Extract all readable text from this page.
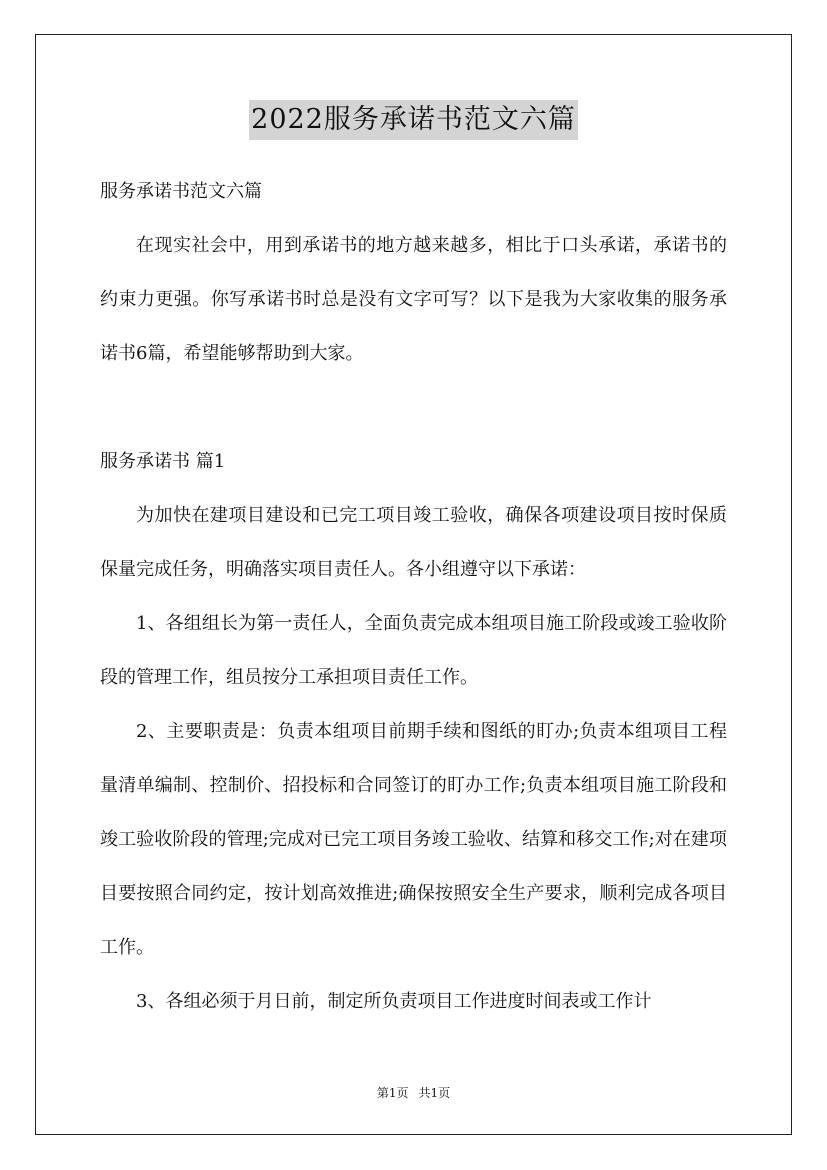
2022服务承诺书范文六篇

服务承诺书范文六篇

在现实社会中，用到承诺书的地方越来越多，相比于口头承诺，承诺书的约束力更强。你写承诺书时总是没有文字可写？以下是我为大家收集的服务承诺书6篇，希望能够帮助到大家。

服务承诺书 篇1

为加快在建项目建设和已完工项目竣工验收，确保各项建设项目按时保质保量完成任务，明确落实项目责任人。各小组遵守以下承诺：

1、各组组长为第一责任人，全面负责完成本组项目施工阶段或竣工验收阶段的管理工作，组员按分工承担项目责任工作。

2、主要职责是：负责本组项目前期手续和图纸的盯办;负责本组项目工程量清单编制、控制价、招投标和合同签订的盯办工作;负责本组项目施工阶段和竣工验收阶段的管理;完成对已完工项目务竣工验收、结算和移交工作;对在建项目要按照合同约定，按计划高效推进;确保按照安全生产要求，顺利完成各项目工作。

3、各组必须于月日前，制定所负责项目工作进度时间表或工作计

第1页 共1页
